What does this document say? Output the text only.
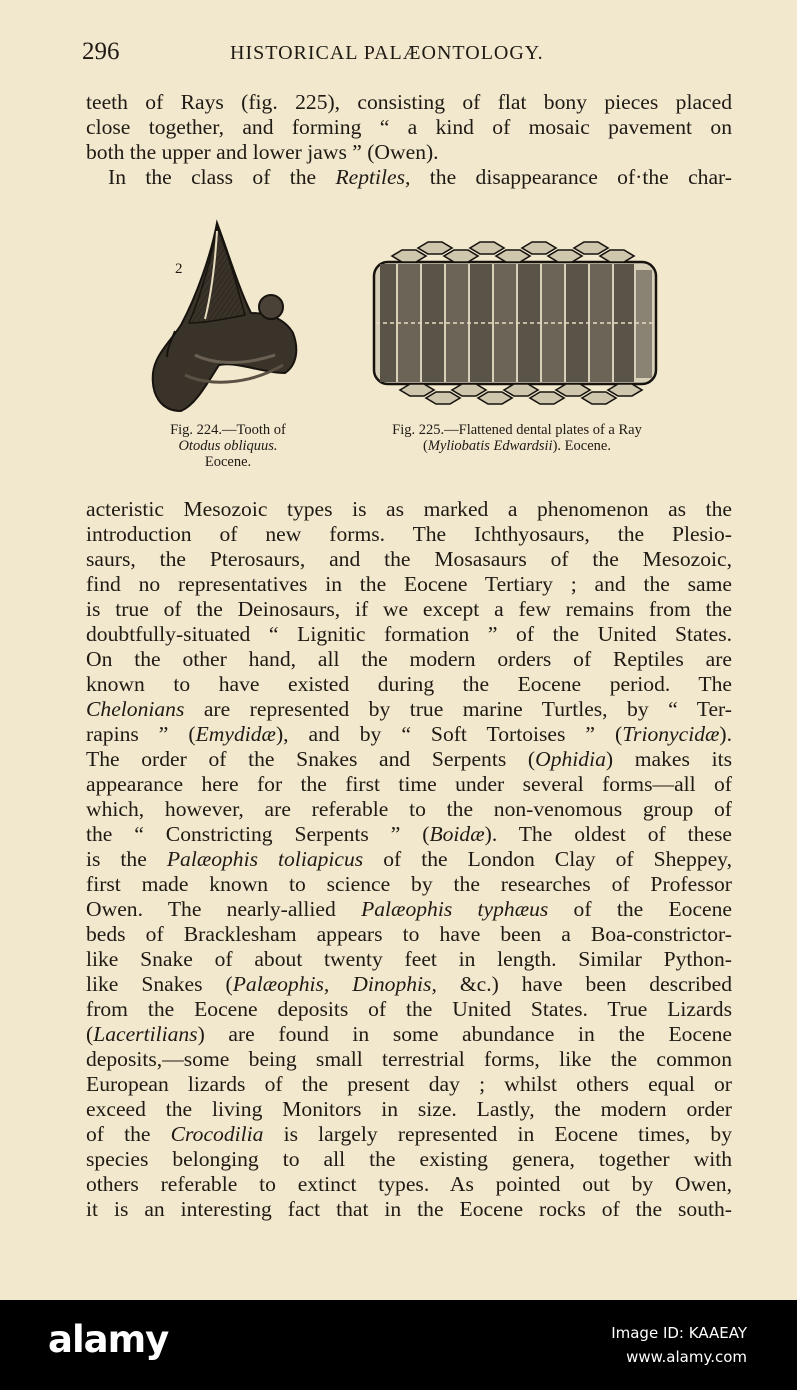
296	HISTORICAL PALÆONTOLOGY.
teeth of Rays (fig. 225), consisting of flat bony pieces placed
close together, and forming “ a kind of mosaic pavement on
both the upper and lower jaws ” (Owen).
In the class of the Reptiles, the disappearance of·the char-
2
Fig. 224.—Tooth of
Otodus obliquus.
Eocene.
Fig. 225.—Flattened dental plates of a Ray
(Myliobatis Edwardsii). Eocene.
acteristic Mesozoic types is as marked a phenomenon as the
introduction of new forms. The Ichthyosaurs, the Plesio-
saurs, the Pterosaurs, and the Mosasaurs of the Mesozoic,
find no representatives in the Eocene Tertiary ; and the same
is true of the Deinosaurs, if we except a few remains from the
doubtfully-situated “ Lignitic formation ” of the United States.
On the other hand, all the modern orders of Reptiles are
known to have existed during the Eocene period. The
Chelonians are represented by true marine Turtles, by “ Ter-
rapins ” (Emydidæ), and by “ Soft Tortoises ” (Trionycidæ).
The order of the Snakes and Serpents (Ophidia) makes its
appearance here for the first time under several forms—all of
which, however, are referable to the non-venomous group of
the “ Constricting Serpents ” (Boidæ). The oldest of these
is the Palæophis toliapicus of the London Clay of Sheppey,
first made known to science by the researches of Professor
Owen. The nearly-allied Palæophis typhæus of the Eocene
beds of Bracklesham appears to have been a Boa-constrictor-
like Snake of about twenty feet in length. Similar Python-
like Snakes (Palæophis, Dinophis, &c.) have been described
from the Eocene deposits of the United States. True Lizards
(Lacertilians) are found in some abundance in the Eocene
deposits,—some being small terrestrial forms, like the common
European lizards of the present day ; whilst others equal or
exceed the living Monitors in size. Lastly, the modern order
of the Crocodilia is largely represented in Eocene times, by
species belonging to all the existing genera, together with
others referable to extinct types. As pointed out by Owen,
it is an interesting fact that in the Eocene rocks of the south-
alamy	Image ID: KAAEAY
www.alamy.com
